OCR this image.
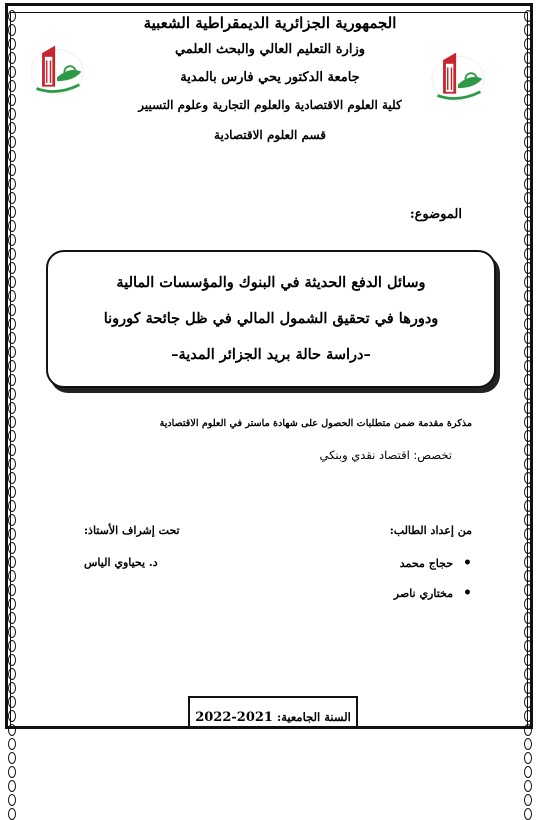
الجمهورية الجزائرية الديمقراطية الشعبية
وزارة التعليم العالي والبحث العلمي
جامعة الدكتور يحي فارس بالمدية
كلية العلوم الاقتصادية والعلوم التجارية وعلوم التسيير
قسم العلوم الاقتصادية
الموضوع:
وسائل الدفع الحديثة في البنوك والمؤسسات المالية
ودورها في تحقيق الشمول المالي في ظل جائحة كورونا
–دراسة حالة بريد الجزائر المدية–
مذكرة مقدمة ضمن متطلبات الحصول على شهادة ماستر في العلوم الاقتصادية
تخصص: اقتصاد نقدي وبنكي
من إعداد الطالب:
تحت إشراف الأستاذ:
• حجاج محمد
• مختاري ناصر
د. يحياوي الياس
السنة الجامعية: 2021-2022
